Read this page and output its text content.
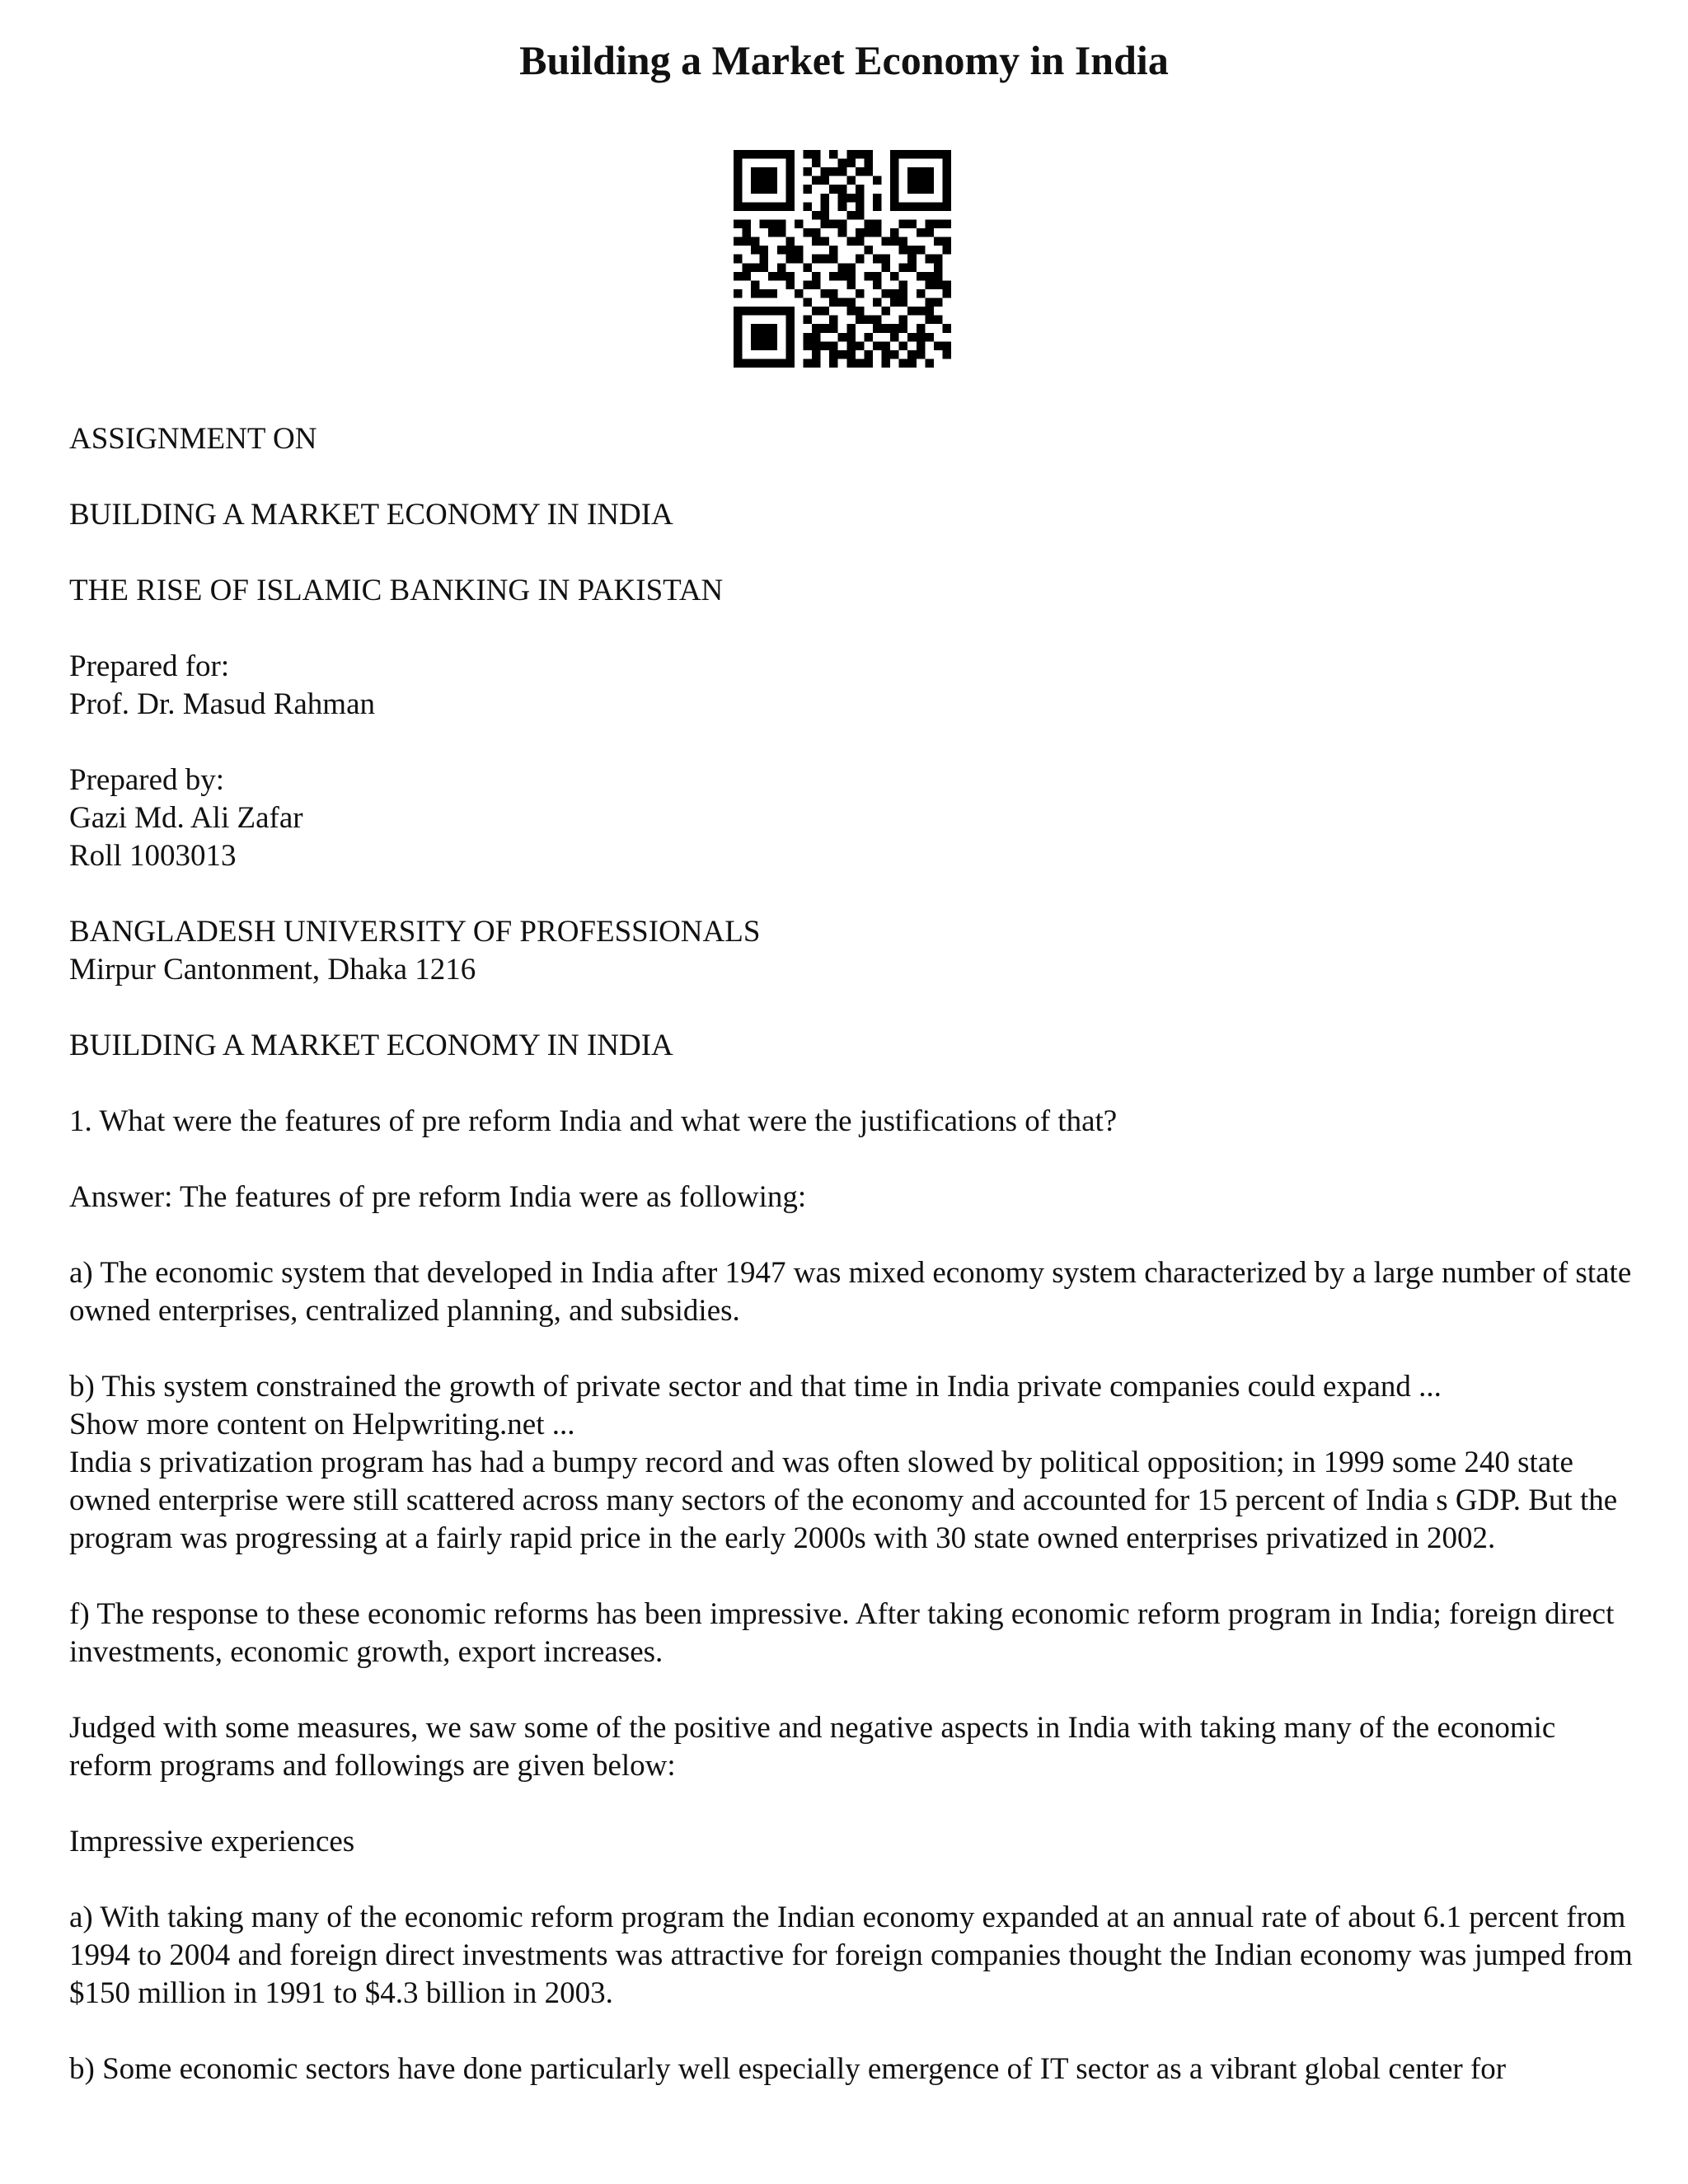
Building a Market Economy in India

ASSIGNMENT ON

BUILDING A MARKET ECONOMY IN INDIA

THE RISE OF ISLAMIC BANKING IN PAKISTAN

Prepared for:
Prof. Dr. Masud Rahman

Prepared by:
Gazi Md. Ali Zafar
Roll 1003013

BANGLADESH UNIVERSITY OF PROFESSIONALS
Mirpur Cantonment, Dhaka 1216

BUILDING A MARKET ECONOMY IN INDIA

1. What were the features of pre reform India and what were the justifications of that?

Answer: The features of pre reform India were as following:

a) The economic system that developed in India after 1947 was mixed economy system characterized by a large number of state owned enterprises, centralized planning, and subsidies.

b) This system constrained the growth of private sector and that time in India private companies could expand ...
Show more content on Helpwriting.net ...
India s privatization program has had a bumpy record and was often slowed by political opposition; in 1999 some 240 state owned enterprise were still scattered across many sectors of the economy and accounted for 15 percent of India s GDP. But the program was progressing at a fairly rapid price in the early 2000s with 30 state owned enterprises privatized in 2002.

f) The response to these economic reforms has been impressive. After taking economic reform program in India; foreign direct investments, economic growth, export increases.

Judged with some measures, we saw some of the positive and negative aspects in India with taking many of the economic reform programs and followings are given below:

Impressive experiences

a) With taking many of the economic reform program the Indian economy expanded at an annual rate of about 6.1 percent from 1994 to 2004 and foreign direct investments was attractive for foreign companies thought the Indian economy was jumped from $150 million in 1991 to $4.3 billion in 2003.

b) Some economic sectors have done particularly well especially emergence of IT sector as a vibrant global center for
